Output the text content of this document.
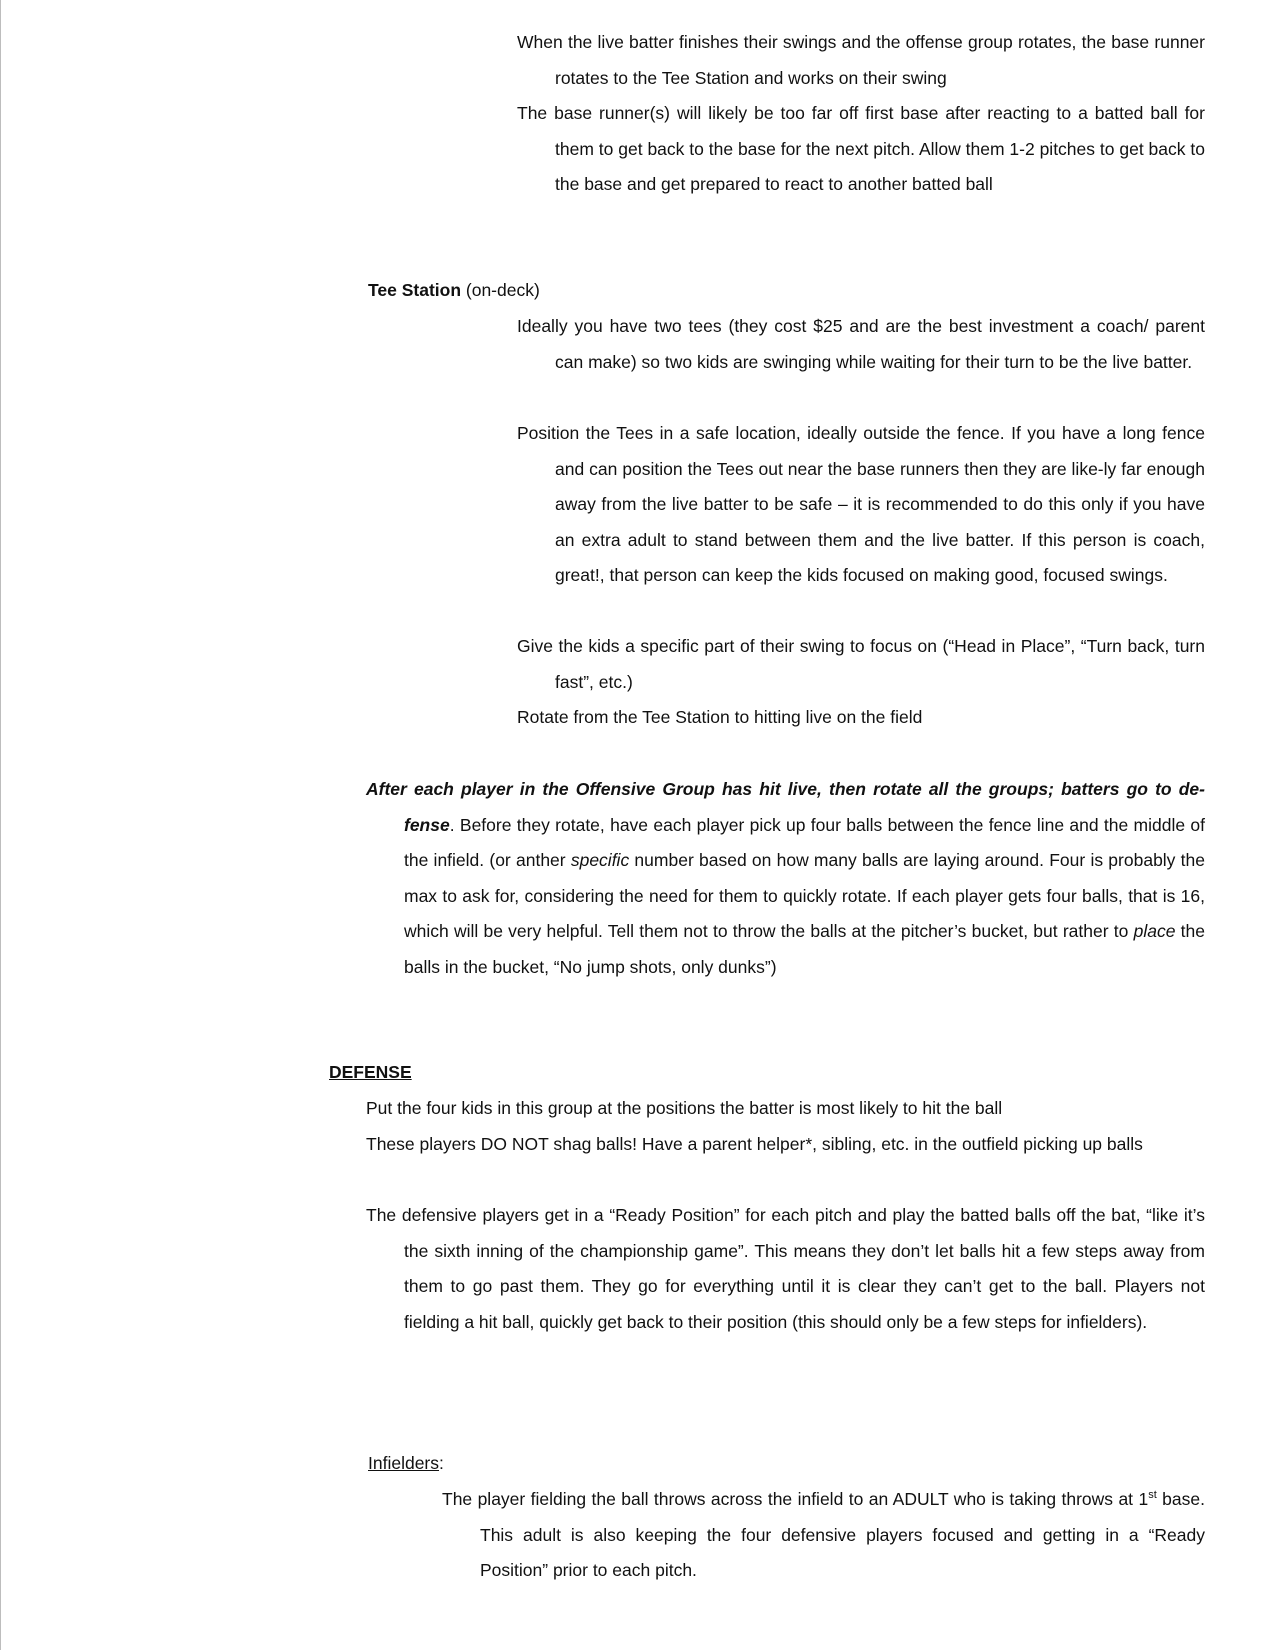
When the live batter finishes their swings and the offense group rotates, the base runner rotates to the Tee Station and works on their swing

The base runner(s) will likely be too far off first base after reacting to a batted ball for them to get back to the base for the next pitch. Allow them 1-2 pitches to get back to the base and get prepared to react to another batted ball

Tee Station (on-deck)

Ideally you have two tees (they cost $25 and are the best investment a coach/ parent can make) so two kids are swinging while waiting for their turn to be the live batter.

Position the Tees in a safe location, ideally outside the fence. If you have a long fence and can position the Tees out near the base runners then they are like-ly far enough away from the live batter to be safe – it is recommended to do this only if you have an extra adult to stand between them and the live batter. If this person is coach, great!, that person can keep the kids focused on making good, focused swings.

Give the kids a specific part of their swing to focus on (“Head in Place”, “Turn back, turn fast”, etc.)

Rotate from the Tee Station to hitting live on the field

After each player in the Offensive Group has hit live, then rotate all the groups; batters go to de-fense. Before they rotate, have each player pick up four balls between the fence line and the middle of the infield. (or anther specific number based on how many balls are laying around. Four is probably the max to ask for, considering the need for them to quickly rotate. If each player gets four balls, that is 16, which will be very helpful. Tell them not to throw the balls at the pitcher’s bucket, but rather to place the balls in the bucket, “No jump shots, only dunks”)

DEFENSE

Put the four kids in this group at the positions the batter is most likely to hit the ball

These players DO NOT shag balls! Have a parent helper*, sibling, etc. in the outfield picking up balls

The defensive players get in a “Ready Position” for each pitch and play the batted balls off the bat, “like it’s the sixth inning of the championship game”. This means they don’t let balls hit a few steps away from them to go past them. They go for everything until it is clear they can’t get to the ball. Players not fielding a hit ball, quickly get back to their position (this should only be a few steps for infielders).

Infielders:

The player fielding the ball throws across the infield to an ADULT who is taking throws at 1st base. This adult is also keeping the four defensive players focused and getting in a “Ready Position” prior to each pitch.
